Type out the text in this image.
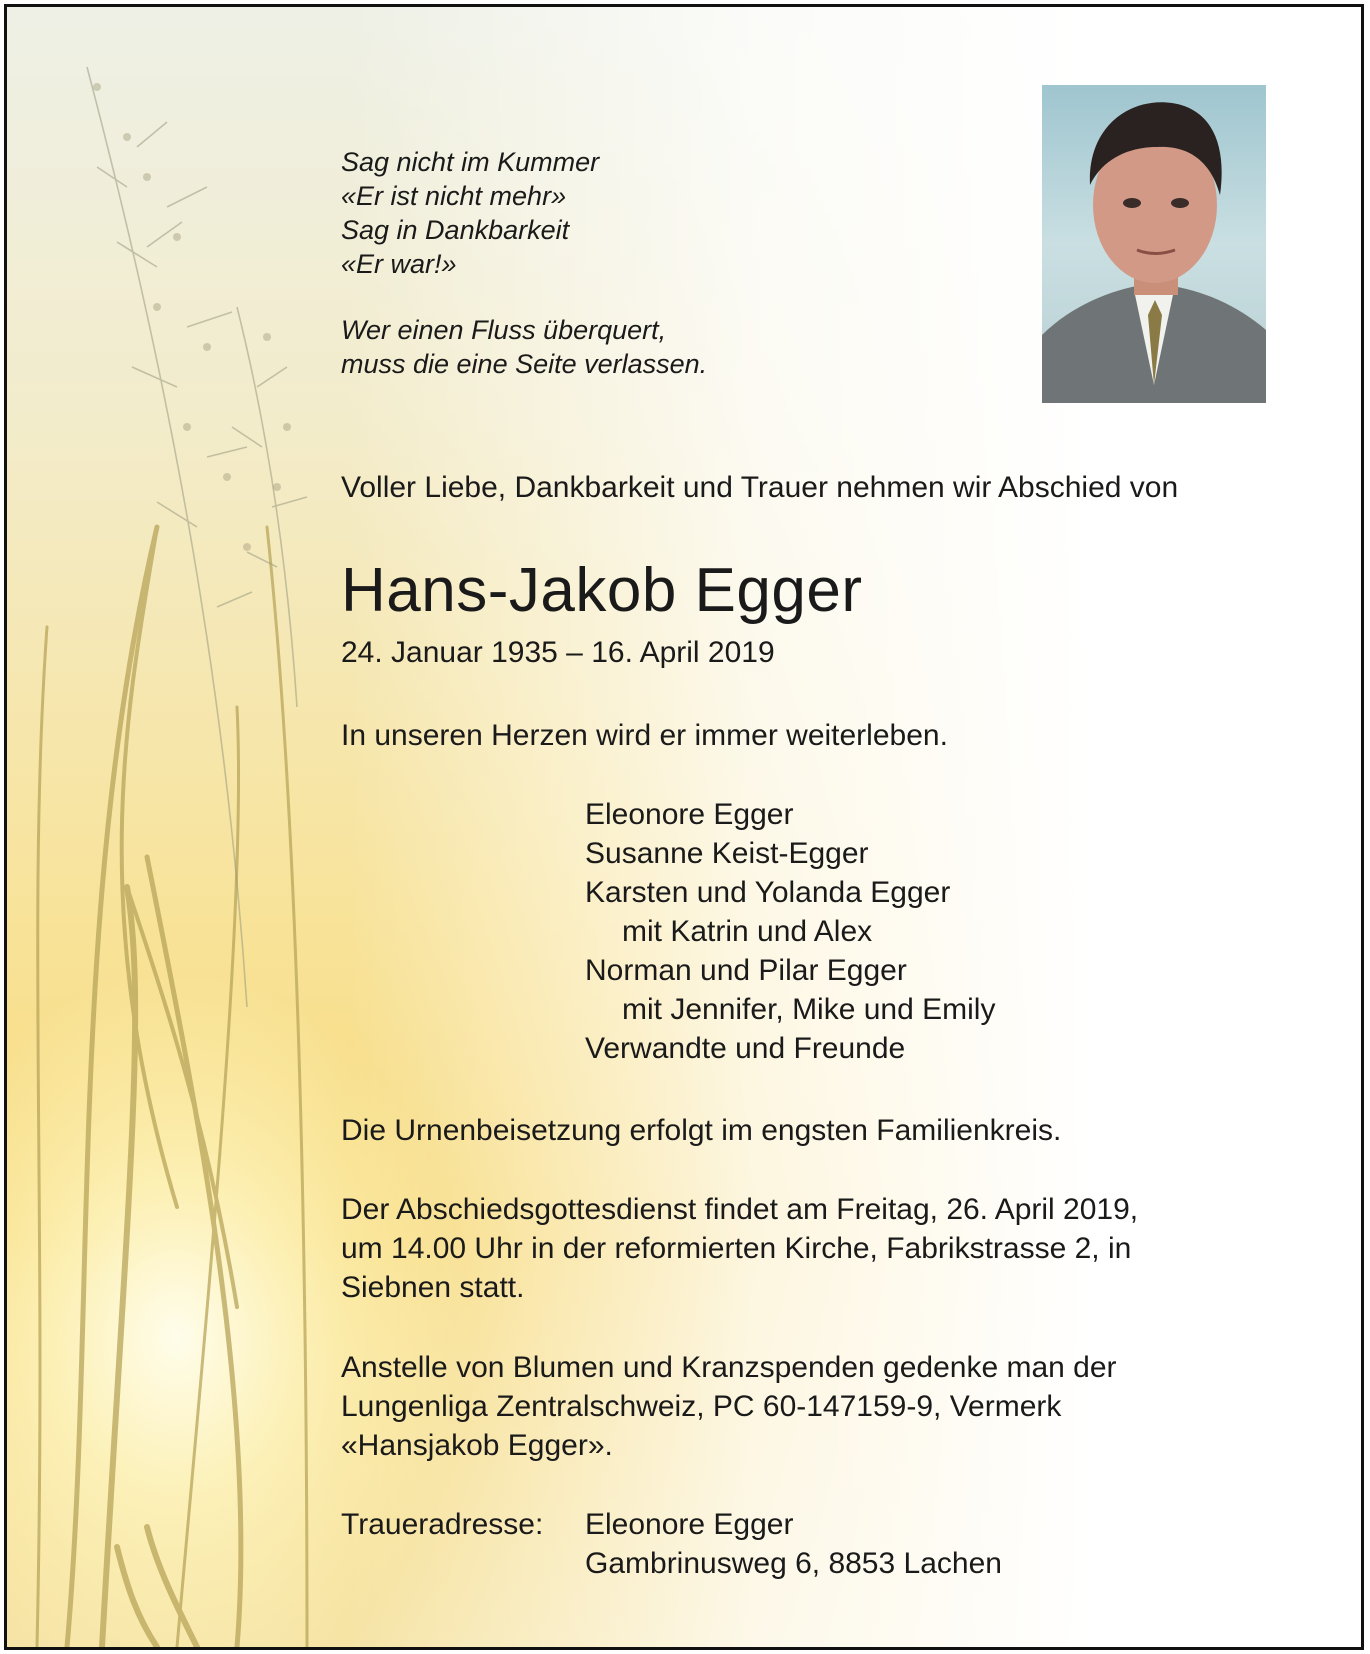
Sag nicht im Kummer
«Er ist nicht mehr»
Sag in Dankbarkeit
«Er war!»
Wer einen Fluss überquert,
muss die eine Seite verlassen.
Voller Liebe, Dankbarkeit und Trauer nehmen wir Abschied von
Hans-Jakob Egger
24. Januar 1935 – 16. April 2019
In unseren Herzen wird er immer weiterleben.
Eleonore Egger
Susanne Keist-Egger
Karsten und Yolanda Egger
mit Katrin und Alex
Norman und Pilar Egger
mit Jennifer, Mike und Emily
Verwandte und Freunde
Die Urnenbeisetzung erfolgt im engsten Familienkreis.
Der Abschiedsgottesdienst findet am Freitag, 26. April 2019,
um 14.00 Uhr in der reformierten Kirche, Fabrikstrasse 2, in
Siebnen statt.
Anstelle von Blumen und Kranzspenden gedenke man der
Lungenliga Zentralschweiz, PC 60-147159-9, Vermerk
«Hansjakob Egger».
Traueradresse: Eleonore Egger
Gambrinusweg 6, 8853 Lachen
